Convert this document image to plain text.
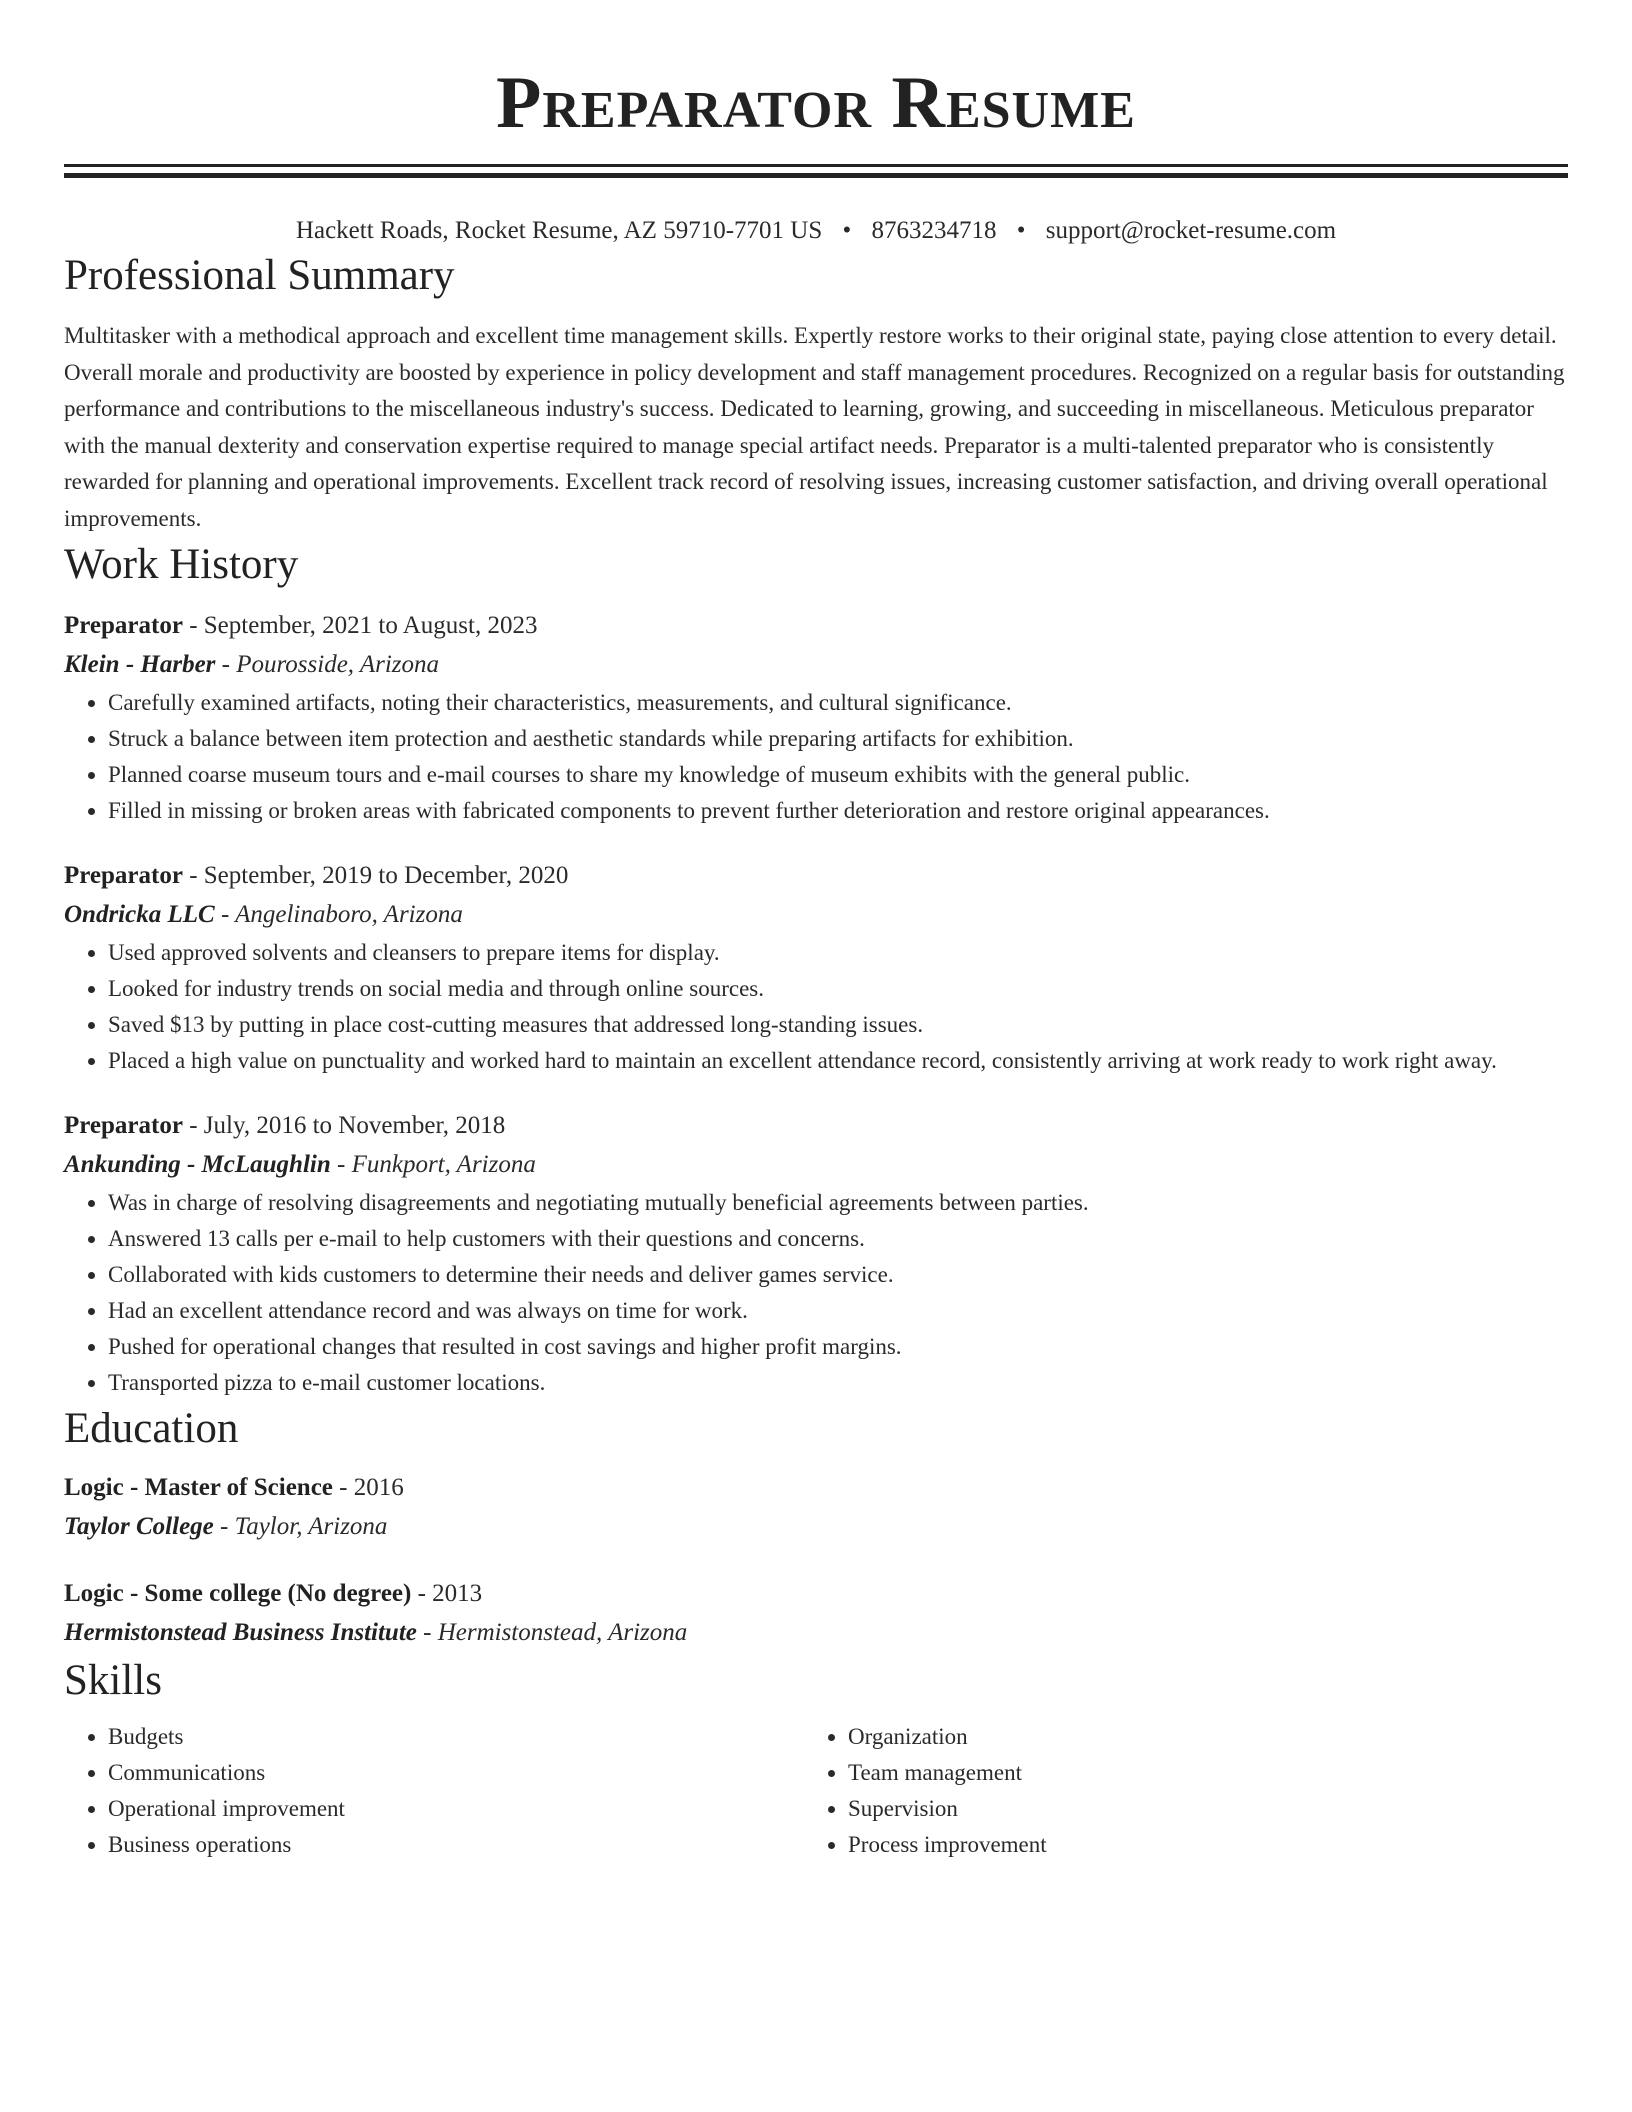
Preparator Resume
Hackett Roads, Rocket Resume, AZ 59710-7701 US • 8763234718 • support@rocket-resume.com
Professional Summary

Multitasker with a methodical approach and excellent time management skills. Expertly restore works to their original state, paying close attention to every detail. Overall morale and productivity are boosted by experience in policy development and staff management procedures. Recognized on a regular basis for outstanding performance and contributions to the miscellaneous industry's success. Dedicated to learning, growing, and succeeding in miscellaneous. Meticulous preparator with the manual dexterity and conservation expertise required to manage special artifact needs. Preparator is a multi-talented preparator who is consistently rewarded for planning and operational improvements. Excellent track record of resolving issues, increasing customer satisfaction, and driving overall operational improvements.

Work History
Preparator - September, 2021 to August, 2023
Klein - Harber - Pourosside, Arizona
• Carefully examined artifacts, noting their characteristics, measurements, and cultural significance.
• Struck a balance between item protection and aesthetic standards while preparing artifacts for exhibition.
• Planned coarse museum tours and e-mail courses to share my knowledge of museum exhibits with the general public.
• Filled in missing or broken areas with fabricated components to prevent further deterioration and restore original appearances.
Preparator - September, 2019 to December, 2020
Ondricka LLC - Angelinaboro, Arizona
• Used approved solvents and cleansers to prepare items for display.
• Looked for industry trends on social media and through online sources.
• Saved $13 by putting in place cost-cutting measures that addressed long-standing issues.
• Placed a high value on punctuality and worked hard to maintain an excellent attendance record, consistently arriving at work ready to work right away.
Preparator - July, 2016 to November, 2018
Ankunding - McLaughlin - Funkport, Arizona
• Was in charge of resolving disagreements and negotiating mutually beneficial agreements between parties.
• Answered 13 calls per e-mail to help customers with their questions and concerns.
• Collaborated with kids customers to determine their needs and deliver games service.
• Had an excellent attendance record and was always on time for work.
• Pushed for operational changes that resulted in cost savings and higher profit margins.
• Transported pizza to e-mail customer locations.
Education
Logic - Master of Science - 2016
Taylor College - Taylor, Arizona
Logic - Some college (No degree) - 2013
Hermistonstead Business Institute - Hermistonstead, Arizona
Skills
• Budgets
• Communications
• Operational improvement
• Business operations
• Organization
• Team management
• Supervision
• Process improvement
